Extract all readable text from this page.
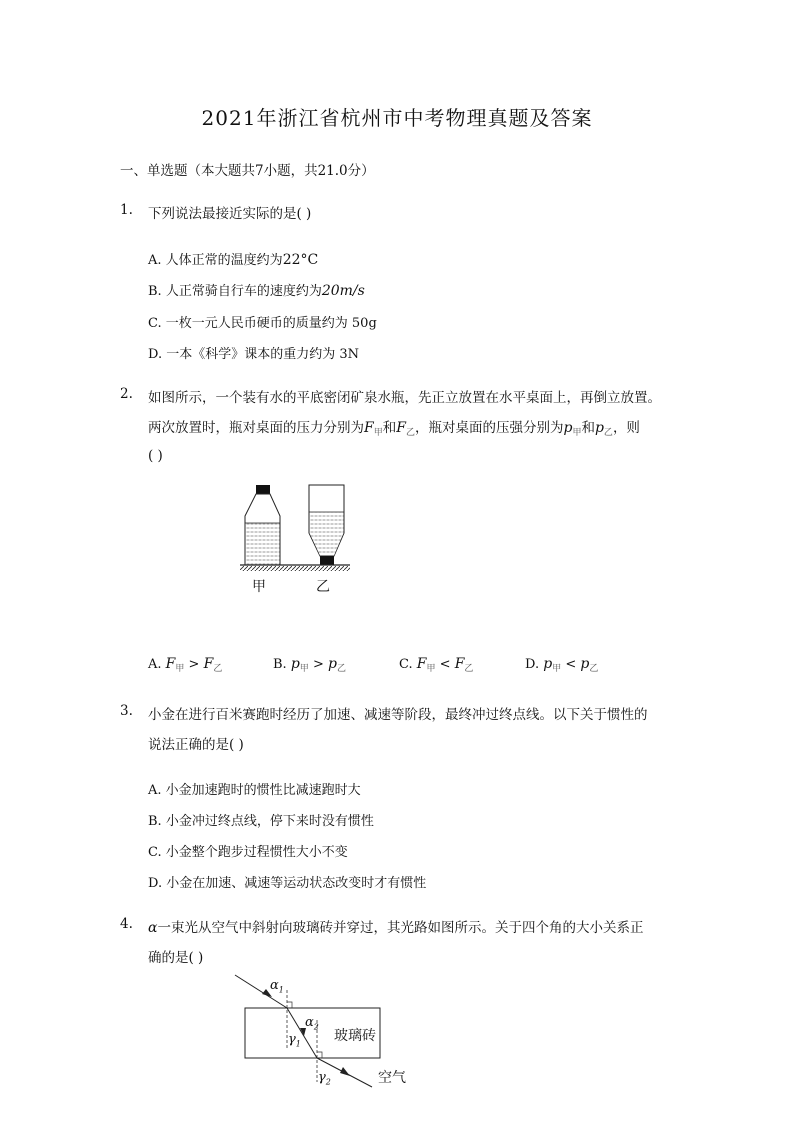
2021年浙江省杭州市中考物理真题及答案
一、单选题（本大题共7小题，共21.0分）
1. 下列说法最接近实际的是( )
A. 人体正常的温度约为22°C
B. 人正常骑自行车的速度约为20m/s
C. 一枚一元人民币硬币的质量约为 50g
D. 一本《科学》课本的重力约为 3N
2. 如图所示，一个装有水的平底密闭矿泉水瓶，先正立放置在水平桌面上，再倒立放置。
两次放置时，瓶对桌面的压力分别为$F_甲$和$F_乙$，瓶对桌面的压强分别为$p_甲$和$p_乙$，则
( )
甲	乙
A. $F_甲 > F_乙$	B. $p_甲 > p_乙$	C. $F_甲 < F_乙$	D. $p_甲 < p_乙$
3. 小金在进行百米赛跑时经历了加速、减速等阶段，最终冲过终点线。以下关于惯性的
说法正确的是( )
A. 小金加速跑时的惯性比减速跑时大
B. 小金冲过终点线，停下来时没有惯性
C. 小金整个跑步过程惯性大小不变
D. 小金在加速、减速等运动状态改变时才有惯性
4. α一束光从空气中斜射向玻璃砖并穿过，其光路如图所示。关于四个角的大小关系正
确的是( )
$\alpha_1$
$\alpha_2$
$\gamma_1$
$\gamma_2$
玻璃砖
空气
